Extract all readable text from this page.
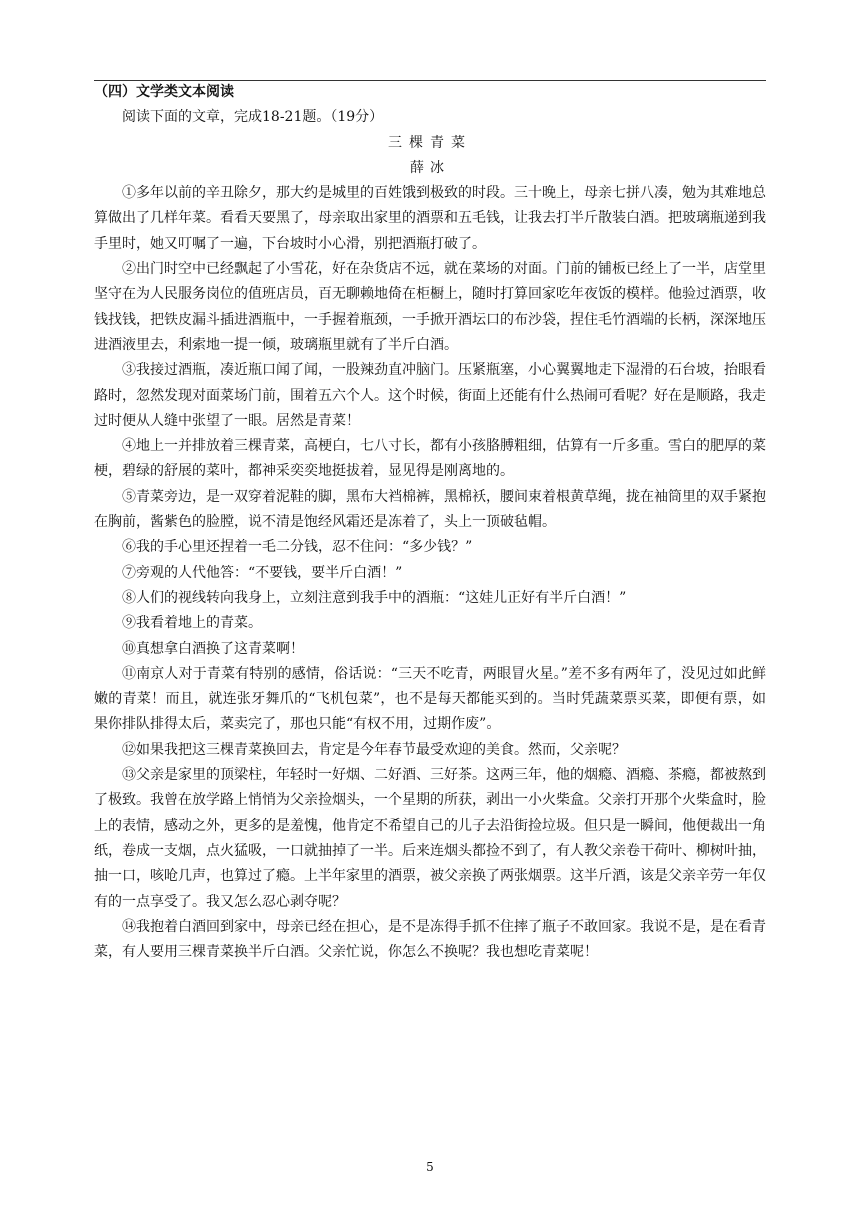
（四）文学类文本阅读

阅读下面的文章，完成18-21题。（19分）

三棵青菜

薛冰

①多年以前的辛丑除夕，那大约是城里的百姓饿到极致的时段。三十晚上，母亲七拼八凑，勉为其难地总算做出了几样年菜。看看天要黑了，母亲取出家里的酒票和五毛钱，让我去打半斤散装白酒。把玻璃瓶递到我手里时，她又叮嘱了一遍，下台坡时小心滑，别把酒瓶打破了。

②出门时空中已经飘起了小雪花，好在杂货店不远，就在菜场的对面。门前的铺板已经上了一半，店堂里坚守在为人民服务岗位的值班店员，百无聊赖地倚在柜橱上，随时打算回家吃年夜饭的模样。他验过酒票，收钱找钱，把铁皮漏斗插进酒瓶中，一手握着瓶颈，一手掀开酒坛口的布沙袋，捏住毛竹酒端的长柄，深深地压进酒液里去，利索地一提一倾，玻璃瓶里就有了半斤白酒。

③我接过酒瓶，凑近瓶口闻了闻，一股辣劲直冲脑门。压紧瓶塞，小心翼翼地走下湿滑的石台坡，抬眼看路时，忽然发现对面菜场门前，围着五六个人。这个时候，街面上还能有什么热闹可看呢？好在是顺路，我走过时便从人缝中张望了一眼。居然是青菜！

④地上一并排放着三棵青菜，高梗白，七八寸长，都有小孩胳膊粗细，估算有一斤多重。雪白的肥厚的菜梗，碧绿的舒展的菜叶，都神采奕奕地挺拔着，显见得是刚离地的。

⑤青菜旁边，是一双穿着泥鞋的脚，黑布大裆棉裤，黑棉袄，腰间束着根黄草绳，拢在袖筒里的双手紧抱在胸前，酱紫色的脸膛，说不清是饱经风霜还是冻着了，头上一顶破毡帽。

⑥我的手心里还捏着一毛二分钱，忍不住问：“多少钱？”

⑦旁观的人代他答：“不要钱，要半斤白酒！”

⑧人们的视线转向我身上，立刻注意到我手中的酒瓶：“这娃儿正好有半斤白酒！”

⑨我看着地上的青菜。

⑩真想拿白酒换了这青菜啊！

⑪南京人对于青菜有特别的感情，俗话说：“三天不吃青，两眼冒火星。”差不多有两年了，没见过如此鲜嫩的青菜！而且，就连张牙舞爪的“飞机包菜”，也不是每天都能买到的。当时凭蔬菜票买菜，即便有票，如果你排队排得太后，菜卖完了，那也只能“有权不用，过期作废”。

⑫如果我把这三棵青菜换回去，肯定是今年春节最受欢迎的美食。然而，父亲呢？

⑬父亲是家里的顶梁柱，年轻时一好烟、二好酒、三好茶。这两三年，他的烟瘾、酒瘾、茶瘾，都被熬到了极致。我曾在放学路上悄悄为父亲捡烟头，一个星期的所获，剥出一小火柴盒。父亲打开那个火柴盒时，脸上的表情，感动之外，更多的是羞愧，他肯定不希望自己的儿子去沿街捡垃圾。但只是一瞬间，他便裁出一角纸，卷成一支烟，点火猛吸，一口就抽掉了一半。后来连烟头都捡不到了，有人教父亲卷干荷叶、柳树叶抽，抽一口，咳呛几声，也算过了瘾。上半年家里的酒票，被父亲换了两张烟票。这半斤酒，该是父亲辛劳一年仅有的一点享受了。我又怎么忍心剥夺呢？

⑭我抱着白酒回到家中，母亲已经在担心，是不是冻得手抓不住摔了瓶子不敢回家。我说不是，是在看青菜，有人要用三棵青菜换半斤白酒。父亲忙说，你怎么不换呢？我也想吃青菜呢！

5
